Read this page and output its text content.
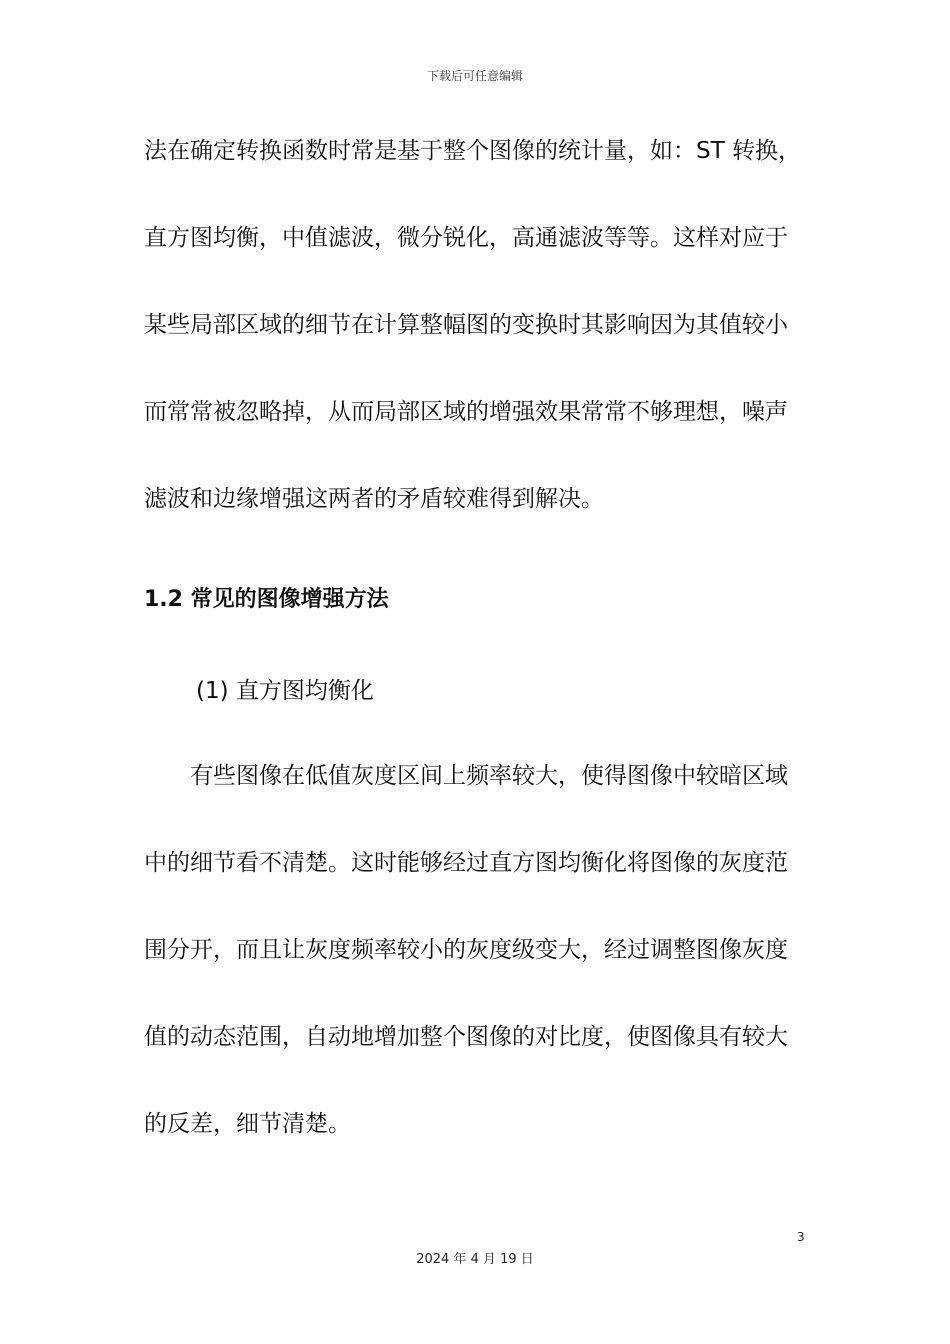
下载后可任意编辑
法在确定转换函数时常是基于整个图像的统计量，如：ST 转换，
直方图均衡，中值滤波，微分锐化，高通滤波等等。这样对应于
某些局部区域的细节在计算整幅图的变换时其影响因为其值较小
而常常被忽略掉，从而局部区域的增强效果常常不够理想，噪声
滤波和边缘增强这两者的矛盾较难得到解决。
1.2 常见的图像增强方法
(1) 直方图均衡化
有些图像在低值灰度区间上频率较大，使得图像中较暗区域
中的细节看不清楚。这时能够经过直方图均衡化将图像的灰度范
围分开，而且让灰度频率较小的灰度级变大，经过调整图像灰度
值的动态范围，自动地增加整个图像的对比度，使图像具有较大
的反差，细节清楚。
3
2024 年 4 月 19 日
